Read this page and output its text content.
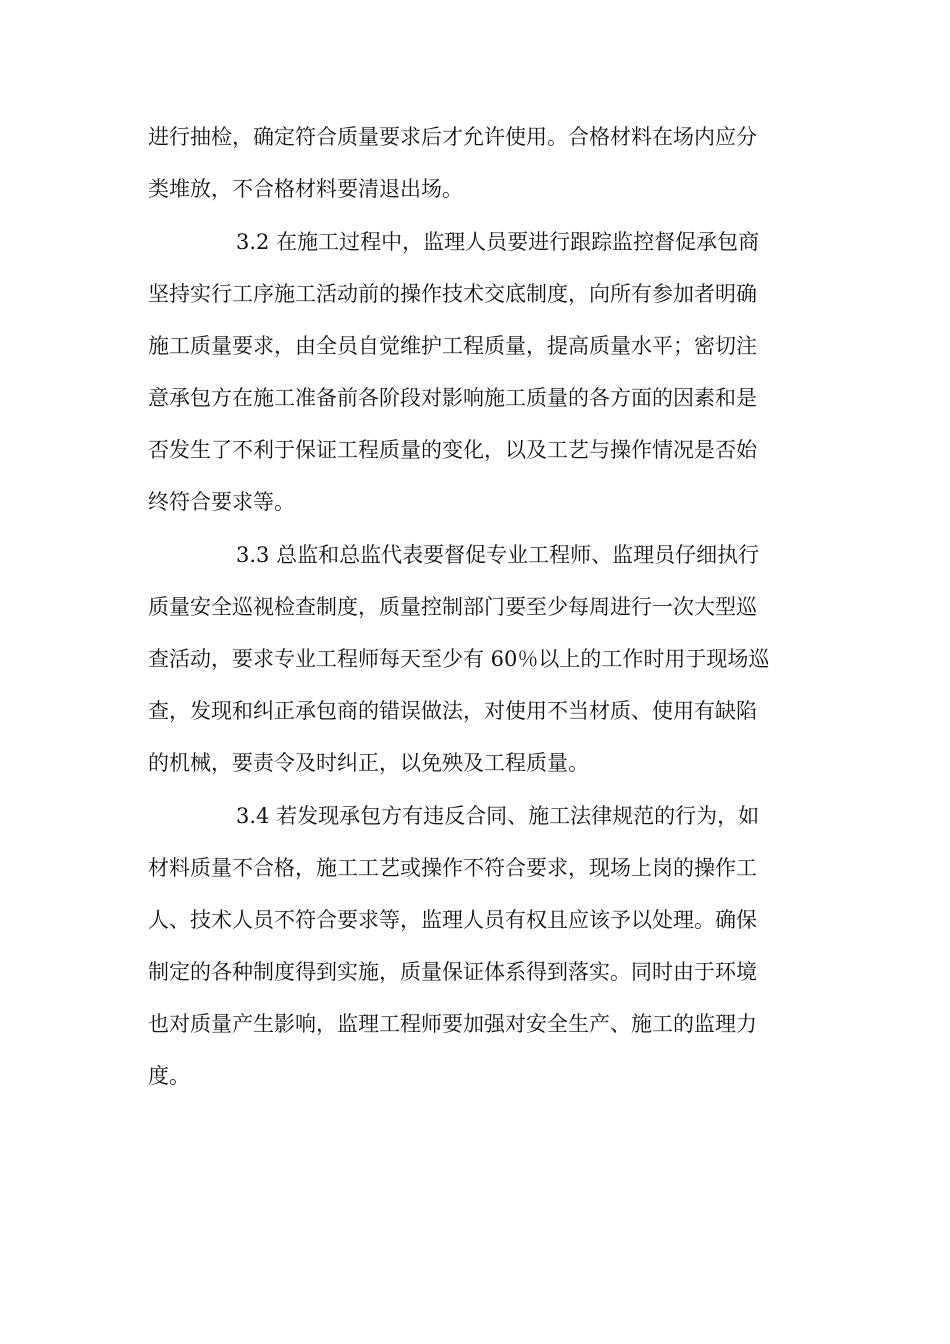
进行抽检，确定符合质量要求后才允许使用。合格材料在场内应分
类堆放，不合格材料要清退出场。
3.2 在施工过程中，监理人员要进行跟踪监控督促承包商
坚持实行工序施工活动前的操作技术交底制度，向所有参加者明确
施工质量要求，由全员自觉维护工程质量，提高质量水平；密切注
意承包方在施工准备前各阶段对影响施工质量的各方面的因素和是
否发生了不利于保证工程质量的变化，以及工艺与操作情况是否始
终符合要求等。
3.3 总监和总监代表要督促专业工程师、监理员仔细执行
质量安全巡视检查制度，质量控制部门要至少每周进行一次大型巡
查活动，要求专业工程师每天至少有 60％以上的工作时用于现场巡
查，发现和纠正承包商的错误做法，对使用不当材质、使用有缺陷
的机械，要责令及时纠正，以免殃及工程质量。
3.4 若发现承包方有违反合同、施工法律规范的行为，如
材料质量不合格，施工工艺或操作不符合要求，现场上岗的操作工
人、技术人员不符合要求等，监理人员有权且应该予以处理。确保
制定的各种制度得到实施，质量保证体系得到落实。同时由于环境
也对质量产生影响，监理工程师要加强对安全生产、施工的监理力
度。
